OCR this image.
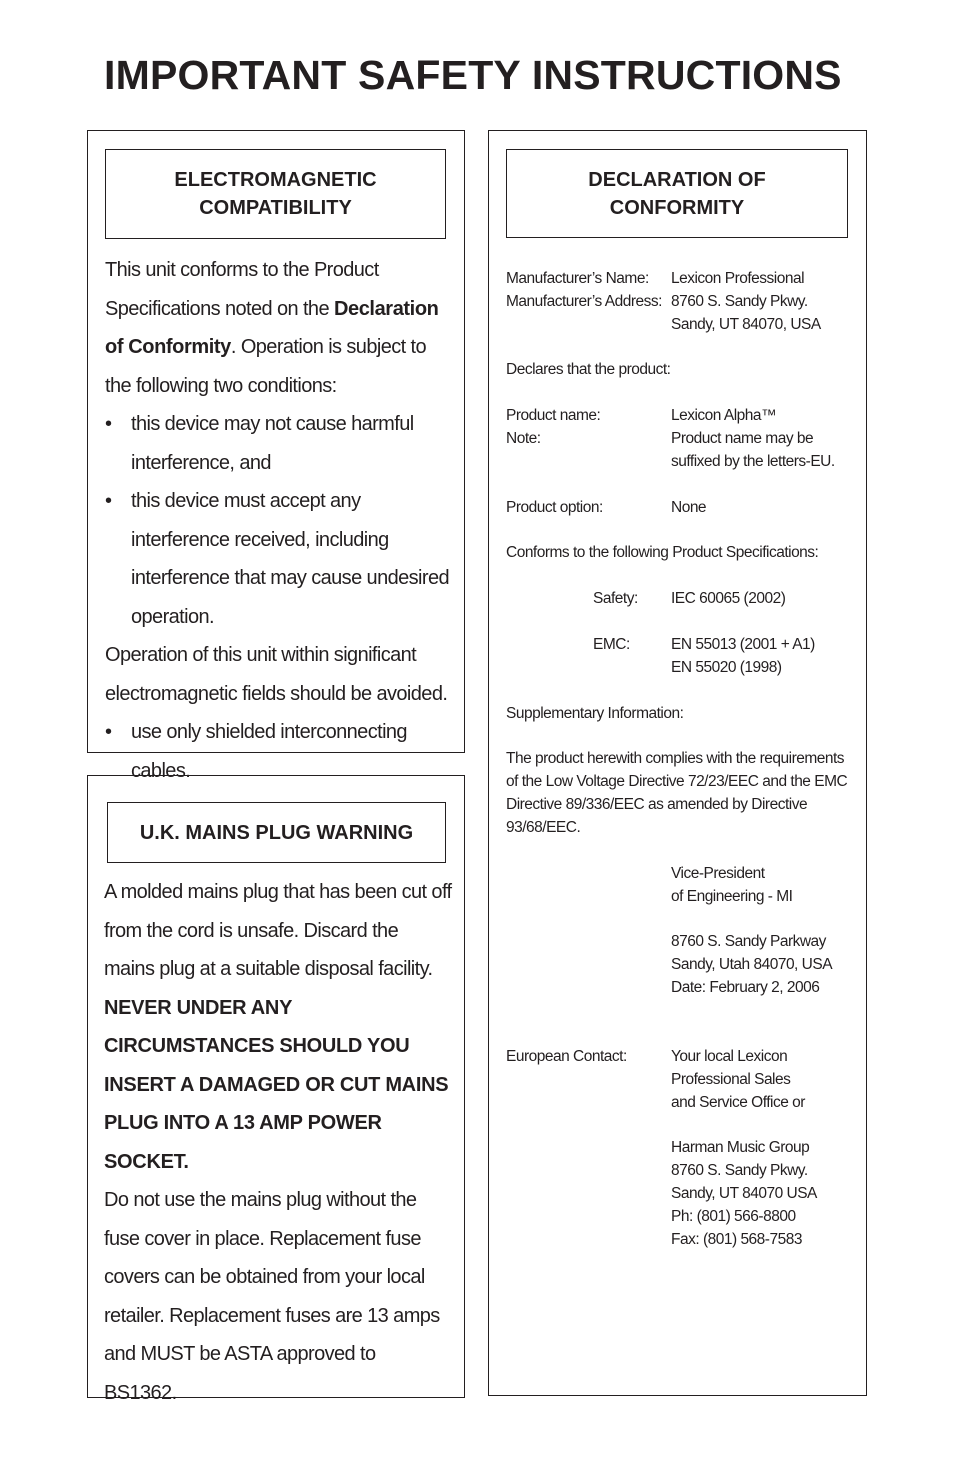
IMPORTANT SAFETY INSTRUCTIONS
ELECTROMAGNETIC
COMPATIBILITY

This unit conforms to the Product Specifications noted on the Declaration of Conformity. Operation is subject to the following two conditions:

• this device may not cause harmful interference, and
• this device must accept any interference received, including interference that may cause undesired operation.

Operation of this unit within significant electromagnetic fields should be avoided.

• use only shielded interconnecting cables.
U.K. MAINS PLUG WARNING

A molded mains plug that has been cut off from the cord is unsafe. Discard the mains plug at a suitable disposal facility.

NEVER UNDER ANY CIRCUMSTANCES SHOULD YOU INSERT A DAMAGED OR CUT MAINS PLUG INTO A 13 AMP POWER SOCKET.

Do not use the mains plug without the fuse cover in place. Replacement fuse covers can be obtained from your local retailer. Replacement fuses are 13 amps and MUST be ASTA approved to BS1362.

DECLARATION OF
CONFORMITY
Manufacturer’s Name:	Lexicon Professional
Manufacturer’s Address: 8760 S. Sandy Pkwy.
Sandy, UT 84070, USA
Declares that the product:
Product name:	Lexicon Alpha™
Note:	Product name may be
suffixed by the letters-EU.
Product option:	None
Conforms to the following Product Specifications:
Safety:	IEC 60065 (2002)
EMC:	EN 55013 (2001 + A1)
EN 55020 (1998)
Supplementary Information:
The product herewith complies with the requirements of the Low Voltage Directive 72/23/EEC and the EMC Directive 89/336/EEC as amended by Directive 93/68/EEC.
Vice-President
of Engineering - MI
8760 S. Sandy Parkway
Sandy, Utah 84070, USA
Date: February 2, 2006
European Contact:	Your local Lexicon
Professional Sales
and Service Office or
Harman Music Group
8760 S. Sandy Pkwy.
Sandy, UT 84070 USA
Ph: (801) 566-8800
Fax: (801) 568-7583
